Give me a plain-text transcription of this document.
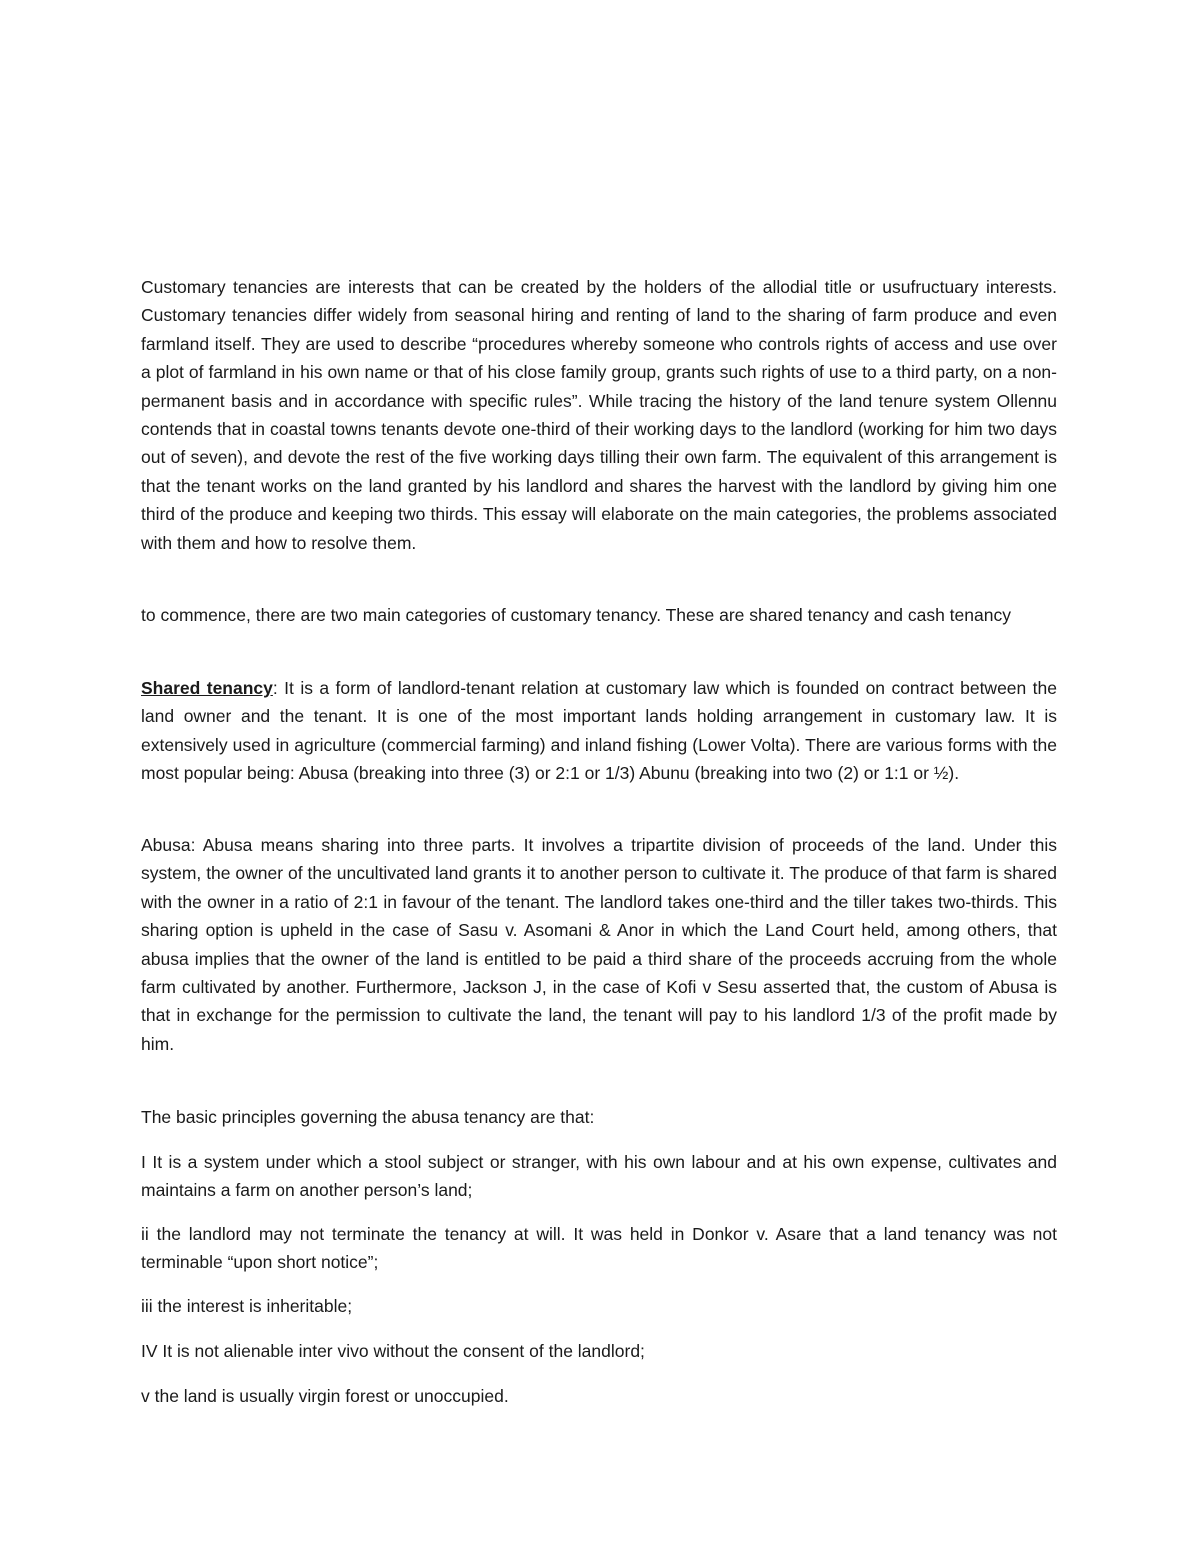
Customary tenancies are interests that can be created by the holders of the allodial title or usufructuary interests. Customary tenancies differ widely from seasonal hiring and renting of land to the sharing of farm produce and even farmland itself. They are used to describe “procedures whereby someone who controls rights of access and use over a plot of farmland in his own name or that of his close family group, grants such rights of use to a third party, on a non-permanent basis and in accordance with specific rules”. While tracing the history of the land tenure system Ollennu contends that in coastal towns tenants devote one-third of their working days to the landlord (working for him two days out of seven), and devote the rest of the five working days tilling their own farm. The equivalent of this arrangement is that the tenant works on the land granted by his landlord and shares the harvest with the landlord by giving him one third of the produce and keeping two thirds. This essay will elaborate on the main categories, the problems associated with them and how to resolve them.

to commence, there are two main categories of customary tenancy. These are shared tenancy and cash tenancy

Shared tenancy: It is a form of landlord-tenant relation at customary law which is founded on contract between the land owner and the tenant. It is one of the most important lands holding arrangement in customary law. It is extensively used in agriculture (commercial farming) and inland fishing (Lower Volta). There are various forms with the most popular being: Abusa (breaking into three (3) or 2:1 or 1/3) Abunu (breaking into two (2) or 1:1 or ½).

Abusa: Abusa means sharing into three parts. It involves a tripartite division of proceeds of the land. Under this system, the owner of the uncultivated land grants it to another person to cultivate it. The produce of that farm is shared with the owner in a ratio of 2:1 in favour of the tenant. The landlord takes one-third and the tiller takes two-thirds. This sharing option is upheld in the case of Sasu v. Asomani & Anor in which the Land Court held, among others, that abusa implies that the owner of the land is entitled to be paid a third share of the proceeds accruing from the whole farm cultivated by another. Furthermore, Jackson J, in the case of Kofi v Sesu asserted that, the custom of Abusa is that in exchange for the permission to cultivate the land, the tenant will pay to his landlord 1/3 of the profit made by him.

The basic principles governing the abusa tenancy are that:

I It is a system under which a stool subject or stranger, with his own labour and at his own expense, cultivates and maintains a farm on another person’s land;

ii the landlord may not terminate the tenancy at will. It was held in Donkor v. Asare that a land tenancy was not terminable “upon short notice”;

iii the interest is inheritable;

IV It is not alienable inter vivo without the consent of the landlord;

v the land is usually virgin forest or unoccupied.
